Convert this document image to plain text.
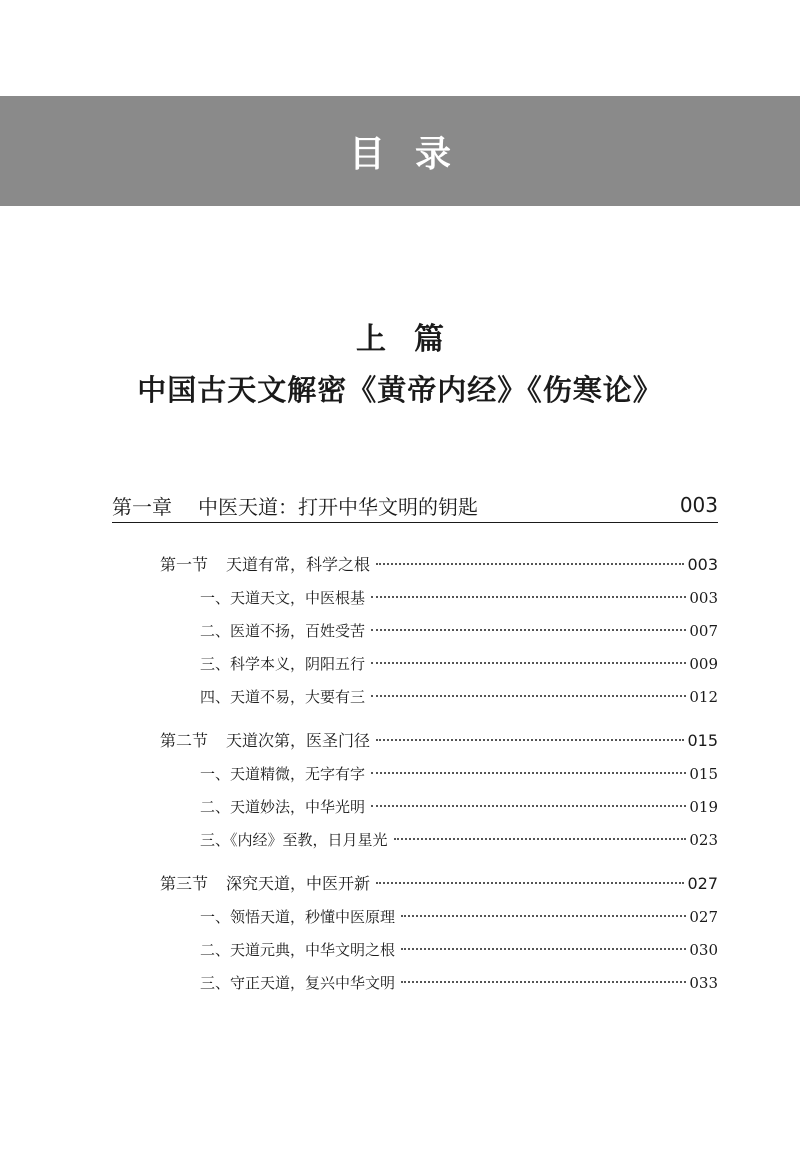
目录
上篇
中国古天文解密《黄帝内经》《伤寒论》
第一章 中医天道：打开中华文明的钥匙	003
第一节 天道有常，科学之根	003
一、天道天文，中医根基	003
二、医道不扬，百姓受苦	007
三、科学本义，阴阳五行	009
四、天道不易，大要有三	012
第二节 天道次第，医圣门径	015
一、天道精微，无字有字	015
二、天道妙法，中华光明	019
三、《内经》至教，日月星光	023
第三节 深究天道，中医开新	027
一、领悟天道，秒懂中医原理	027
二、天道元典，中华文明之根	030
三、守正天道，复兴中华文明	033
